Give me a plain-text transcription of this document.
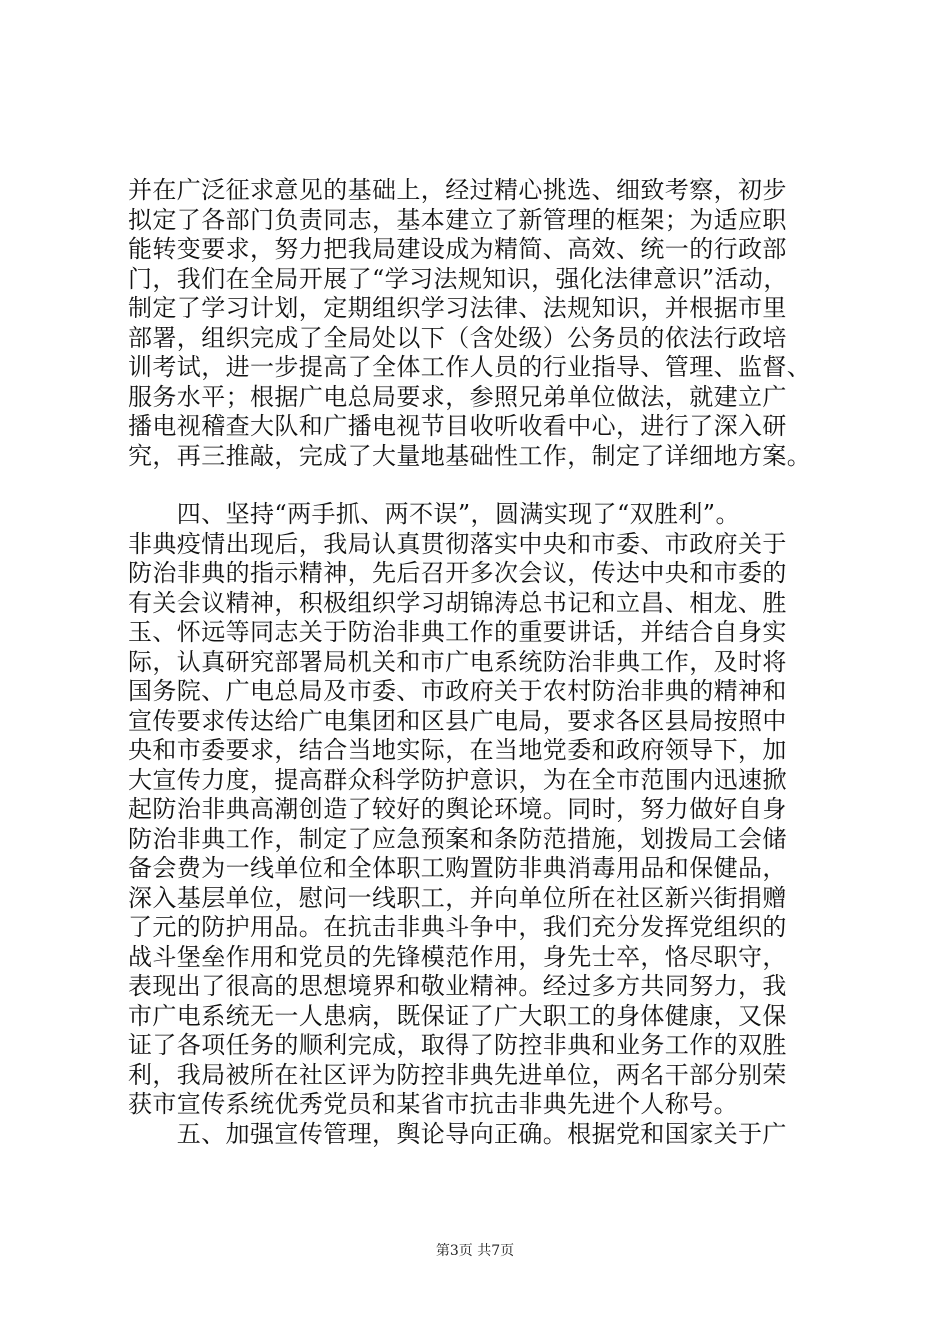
并在广泛征求意见的基础上，经过精心挑选、细致考察，初步
拟定了各部门负责同志，基本建立了新管理的框架；为适应职
能转变要求，努力把我局建设成为精简、高效、统一的行政部
门，我们在全局开展了“学习法规知识，强化法律意识”活动，
制定了学习计划，定期组织学习法律、法规知识，并根据市里
部署，组织完成了全局处以下（含处级）公务员的依法行政培
训考试，进一步提高了全体工作人员的行业指导、管理、监督、
服务水平；根据广电总局要求，参照兄弟单位做法，就建立广
播电视稽查大队和广播电视节目收听收看中心，进行了深入研
究，再三推敲，完成了大量地基础性工作，制定了详细地方案。
　　四、坚持“两手抓、两不误”，圆满实现了“双胜利”。
非典疫情出现后，我局认真贯彻落实中央和市委、市政府关于
防治非典的指示精神，先后召开多次会议，传达中央和市委的
有关会议精神，积极组织学习胡锦涛总书记和立昌、相龙、胜
玉、怀远等同志关于防治非典工作的重要讲话，并结合自身实
际，认真研究部署局机关和市广电系统防治非典工作，及时将
国务院、广电总局及市委、市政府关于农村防治非典的精神和
宣传要求传达给广电集团和区县广电局，要求各区县局按照中
央和市委要求，结合当地实际，在当地党委和政府领导下，加
大宣传力度，提高群众科学防护意识，为在全市范围内迅速掀
起防治非典高潮创造了较好的舆论环境。同时，努力做好自身
防治非典工作，制定了应急预案和条防范措施，划拨局工会储
备会费为一线单位和全体职工购置防非典消毒用品和保健品，
深入基层单位，慰问一线职工，并向单位所在社区新兴街捐赠
了元的防护用品。在抗击非典斗争中，我们充分发挥党组织的
战斗堡垒作用和党员的先锋模范作用，身先士卒，恪尽职守，
表现出了很高的思想境界和敬业精神。经过多方共同努力，我
市广电系统无一人患病，既保证了广大职工的身体健康，又保
证了各项任务的顺利完成，取得了防控非典和业务工作的双胜
利，我局被所在社区评为防控非典先进单位，两名干部分别荣
获市宣传系统优秀党员和某省市抗击非典先进个人称号。
　　五、加强宣传管理，舆论导向正确。根据党和国家关于广
第3页 共7页
